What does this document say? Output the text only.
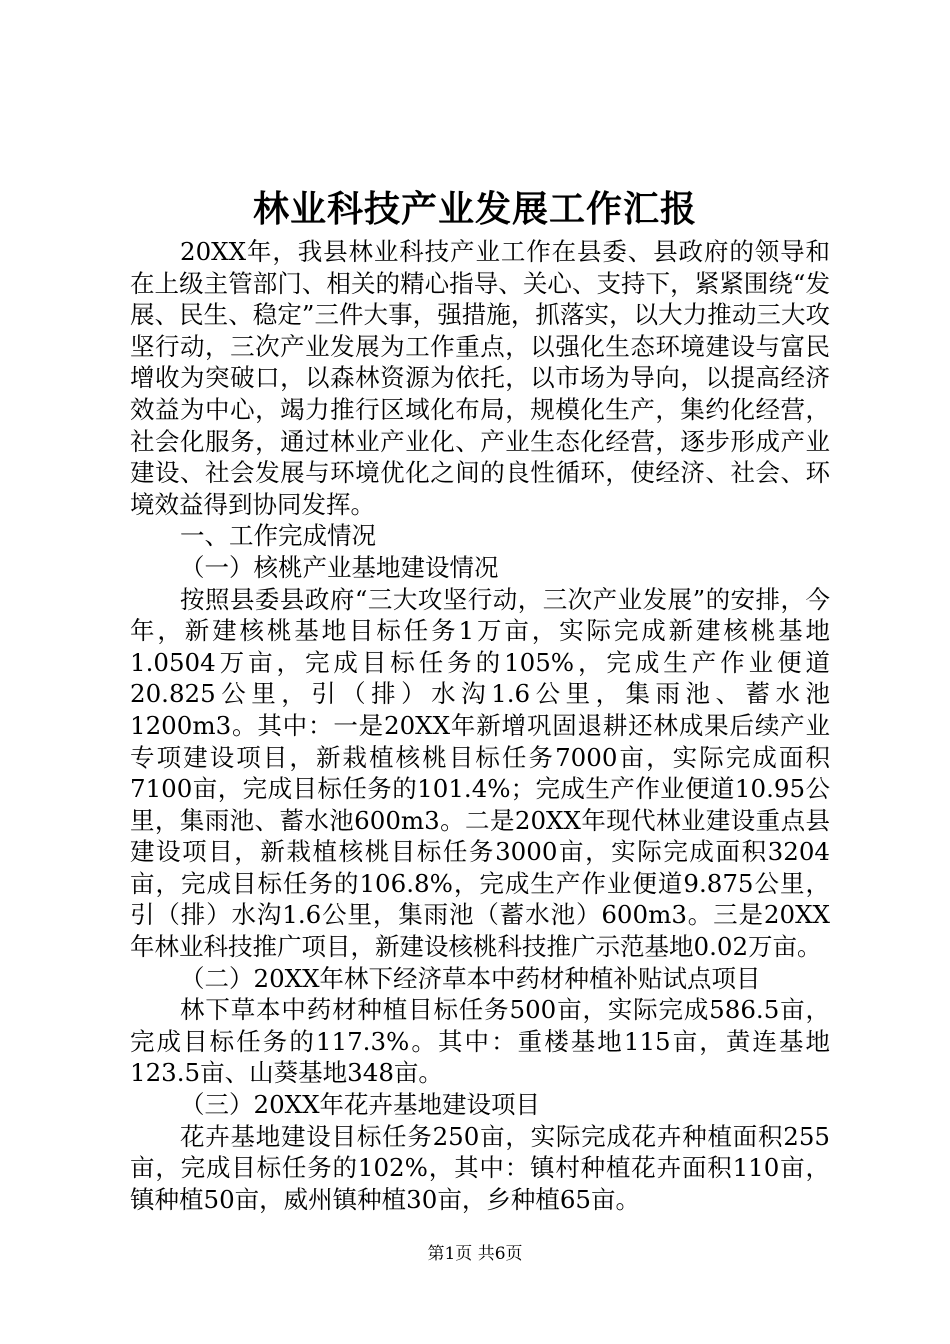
林业科技产业发展工作汇报

20XX年，我县林业科技产业工作在县委、县政府的领导和在上级主管部门、相关的精心指导、关心、支持下，紧紧围绕“发展、民生、稳定”三件大事，强措施，抓落实，以大力推动三大攻坚行动，三次产业发展为工作重点，以强化生态环境建设与富民增收为突破口，以森林资源为依托，以市场为导向，以提高经济效益为中心，竭力推行区域化布局，规模化生产，集约化经营，社会化服务，通过林业产业化、产业生态化经营，逐步形成产业建设、社会发展与环境优化之间的良性循环，使经济、社会、环境效益得到协同发挥。

一、工作完成情况

（一）核桃产业基地建设情况

按照县委县政府“三大攻坚行动，三次产业发展”的安排，今年，新建核桃基地目标任务1万亩，实际完成新建核桃基地1.0504万亩，完成目标任务的105%，完成生产作业便道20.825公里，引（排）水沟1.6公里，集雨池、蓄水池1200m3。其中：一是20XX年新增巩固退耕还林成果后续产业专项建设项目，新栽植核桃目标任务7000亩，实际完成面积7100亩，完成目标任务的101.4%；完成生产作业便道10.95公里，集雨池、蓄水池600m3。二是20XX年现代林业建设重点县建设项目，新栽植核桃目标任务3000亩，实际完成面积3204亩，完成目标任务的106.8%，完成生产作业便道9.875公里，引（排）水沟1.6公里，集雨池（蓄水池）600m3。三是20XX年林业科技推广项目，新建设核桃科技推广示范基地0.02万亩。

（二）20XX年林下经济草本中药材种植补贴试点项目

林下草本中药材种植目标任务500亩，实际完成586.5亩，完成目标任务的117.3%。其中：重楼基地115亩，黄连基地123.5亩、山葵基地348亩。

（三）20XX年花卉基地建设项目

花卉基地建设目标任务250亩，实际完成花卉种植面积255亩，完成目标任务的102%，其中：镇村种植花卉面积110亩，镇种植50亩，威州镇种植30亩，乡种植65亩。

第1页 共6页
